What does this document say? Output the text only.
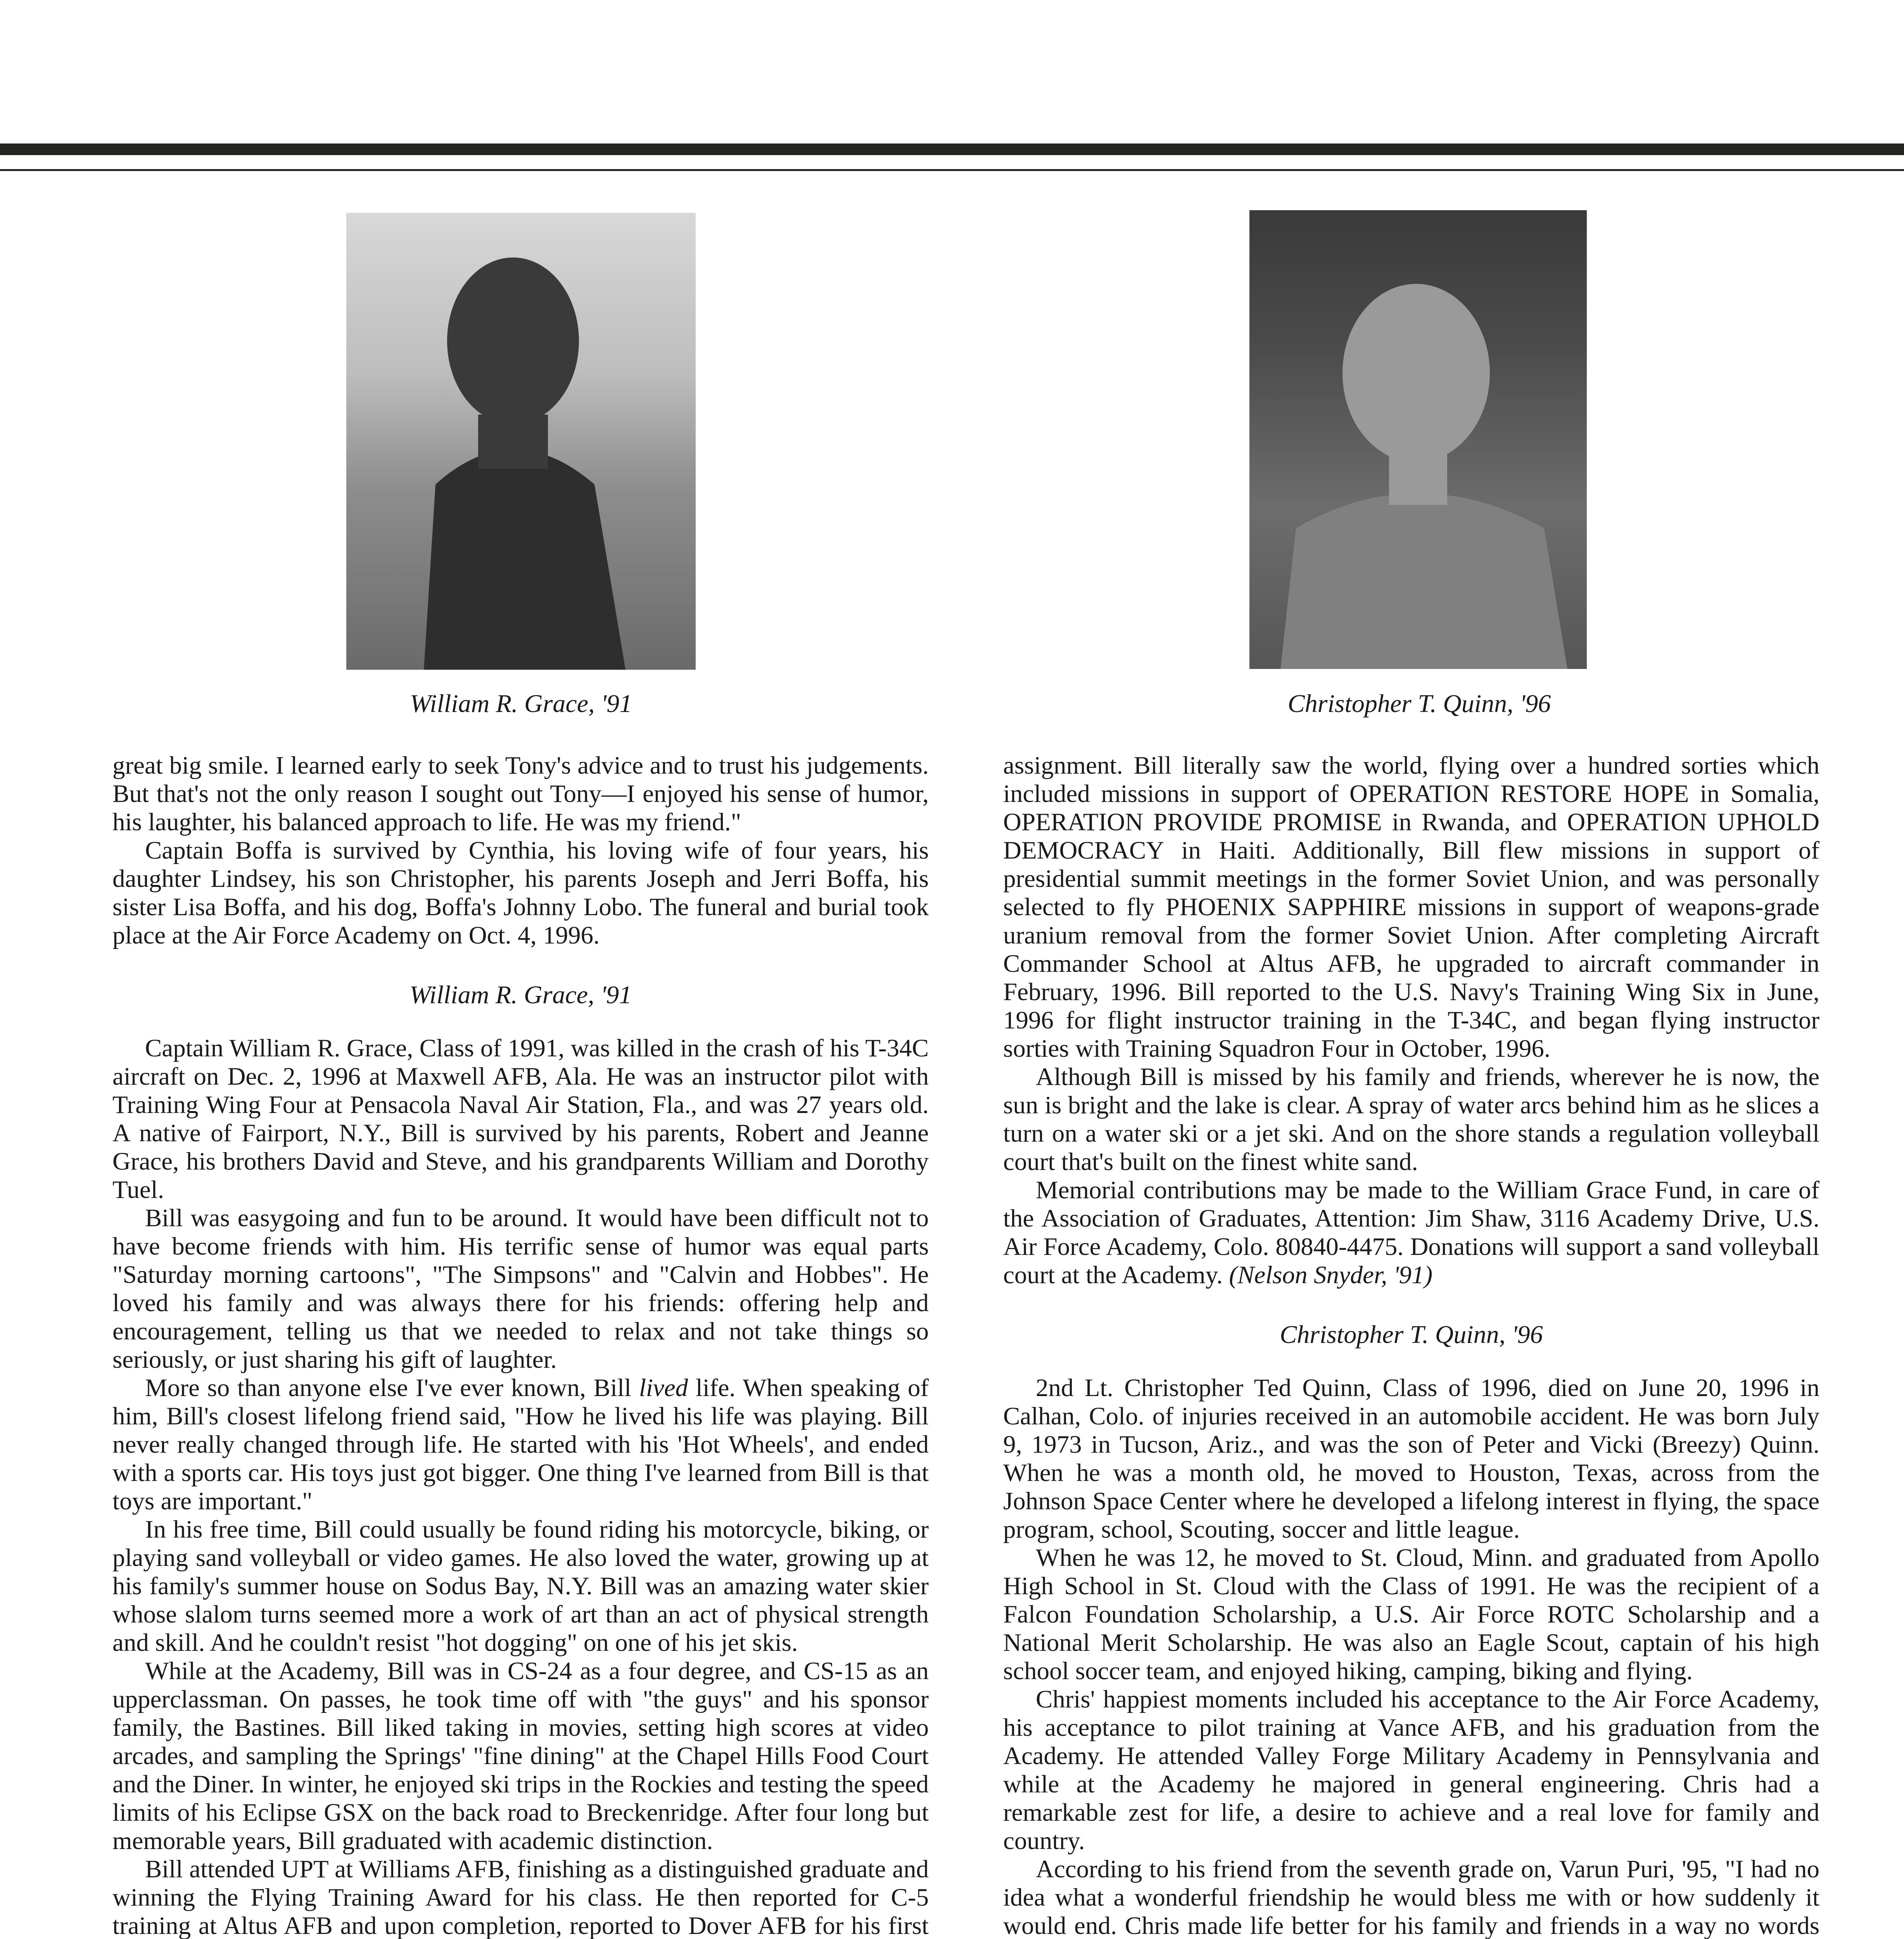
William R. Grace, '91	Christopher T. Quinn, '96

great big smile. I learned early to seek Tony's advice and to trust his judgements. But that's not the only reason I sought out Tony—I enjoyed his sense of humor, his laughter, his balanced approach to life. He was my friend."

Captain Boffa is survived by Cynthia, his loving wife of four years, his daughter Lindsey, his son Christopher, his parents Joseph and Jerri Boffa, his sister Lisa Boffa, and his dog, Boffa's Johnny Lobo. The funeral and burial took place at the Air Force Academy on Oct. 4, 1996.

William R. Grace, '91

Captain William R. Grace, Class of 1991, was killed in the crash of his T-34C aircraft on Dec. 2, 1996 at Maxwell AFB, Ala. He was an instructor pilot with Training Wing Four at Pensacola Naval Air Station, Fla., and was 27 years old. A native of Fairport, N.Y., Bill is survived by his parents, Robert and Jeanne Grace, his brothers David and Steve, and his grandparents William and Dorothy Tuel.

Bill was easygoing and fun to be around. It would have been difficult not to have become friends with him. His terrific sense of humor was equal parts "Saturday morning cartoons", "The Simpsons" and "Calvin and Hobbes". He loved his family and was always there for his friends: offering help and encouragement, telling us that we needed to relax and not take things so seriously, or just sharing his gift of laughter.

More so than anyone else I've ever known, Bill lived life. When speaking of him, Bill's closest lifelong friend said, "How he lived his life was playing. Bill never really changed through life. He started with his 'Hot Wheels', and ended with a sports car. His toys just got bigger. One thing I've learned from Bill is that toys are important."

In his free time, Bill could usually be found riding his motorcycle, biking, or playing sand volleyball or video games. He also loved the water, growing up at his family's summer house on Sodus Bay, N.Y. Bill was an amazing water skier whose slalom turns seemed more a work of art than an act of physical strength and skill. And he couldn't resist "hot dogging" on one of his jet skis.

While at the Academy, Bill was in CS-24 as a four degree, and CS-15 as an upperclassman. On passes, he took time off with "the guys" and his sponsor family, the Bastines. Bill liked taking in movies, setting high scores at video arcades, and sampling the Springs' "fine dining" at the Chapel Hills Food Court and the Diner. In winter, he enjoyed ski trips in the Rockies and testing the speed limits of his Eclipse GSX on the back road to Breckenridge. After four long but memorable years, Bill graduated with academic distinction.

Bill attended UPT at Williams AFB, finishing as a distinguished graduate and winning the Flying Training Award for his class. He then reported for C-5 training at Altus AFB and upon completion, reported to Dover AFB for his first

assignment. Bill literally saw the world, flying over a hundred sorties which included missions in support of OPERATION RESTORE HOPE in Somalia, OPERATION PROVIDE PROMISE in Rwanda, and OPERATION UPHOLD DEMOCRACY in Haiti. Additionally, Bill flew missions in support of presidential summit meetings in the former Soviet Union, and was personally selected to fly PHOENIX SAPPHIRE missions in support of weapons-grade uranium removal from the former Soviet Union. After completing Aircraft Commander School at Altus AFB, he upgraded to aircraft commander in February, 1996. Bill reported to the U.S. Navy's Training Wing Six in June, 1996 for flight instructor training in the T-34C, and began flying instructor sorties with Training Squadron Four in October, 1996.

Although Bill is missed by his family and friends, wherever he is now, the sun is bright and the lake is clear. A spray of water arcs behind him as he slices a turn on a water ski or a jet ski. And on the shore stands a regulation volleyball court that's built on the finest white sand.

Memorial contributions may be made to the William Grace Fund, in care of the Association of Graduates, Attention: Jim Shaw, 3116 Academy Drive, U.S. Air Force Academy, Colo. 80840-4475. Donations will support a sand volleyball court at the Academy. (Nelson Snyder, '91)

Christopher T. Quinn, '96

2nd Lt. Christopher Ted Quinn, Class of 1996, died on June 20, 1996 in Calhan, Colo. of injuries received in an automobile accident. He was born July 9, 1973 in Tucson, Ariz., and was the son of Peter and Vicki (Breezy) Quinn. When he was a month old, he moved to Houston, Texas, across from the Johnson Space Center where he developed a lifelong interest in flying, the space program, school, Scouting, soccer and little league.

When he was 12, he moved to St. Cloud, Minn. and graduated from Apollo High School in St. Cloud with the Class of 1991. He was the recipient of a Falcon Foundation Scholarship, a U.S. Air Force ROTC Scholarship and a National Merit Scholarship. He was also an Eagle Scout, captain of his high school soccer team, and enjoyed hiking, camping, biking and flying.

Chris' happiest moments included his acceptance to the Air Force Academy, his acceptance to pilot training at Vance AFB, and his graduation from the Academy. He attended Valley Forge Military Academy in Pennsylvania and while at the Academy he majored in general engineering. Chris had a remarkable zest for life, a desire to achieve and a real love for family and country.

According to his friend from the seventh grade on, Varun Puri, '95, "I had no idea what a wonderful friendship he would bless me with or how suddenly it would end. Chris made life better for his family and friends in a way no words
